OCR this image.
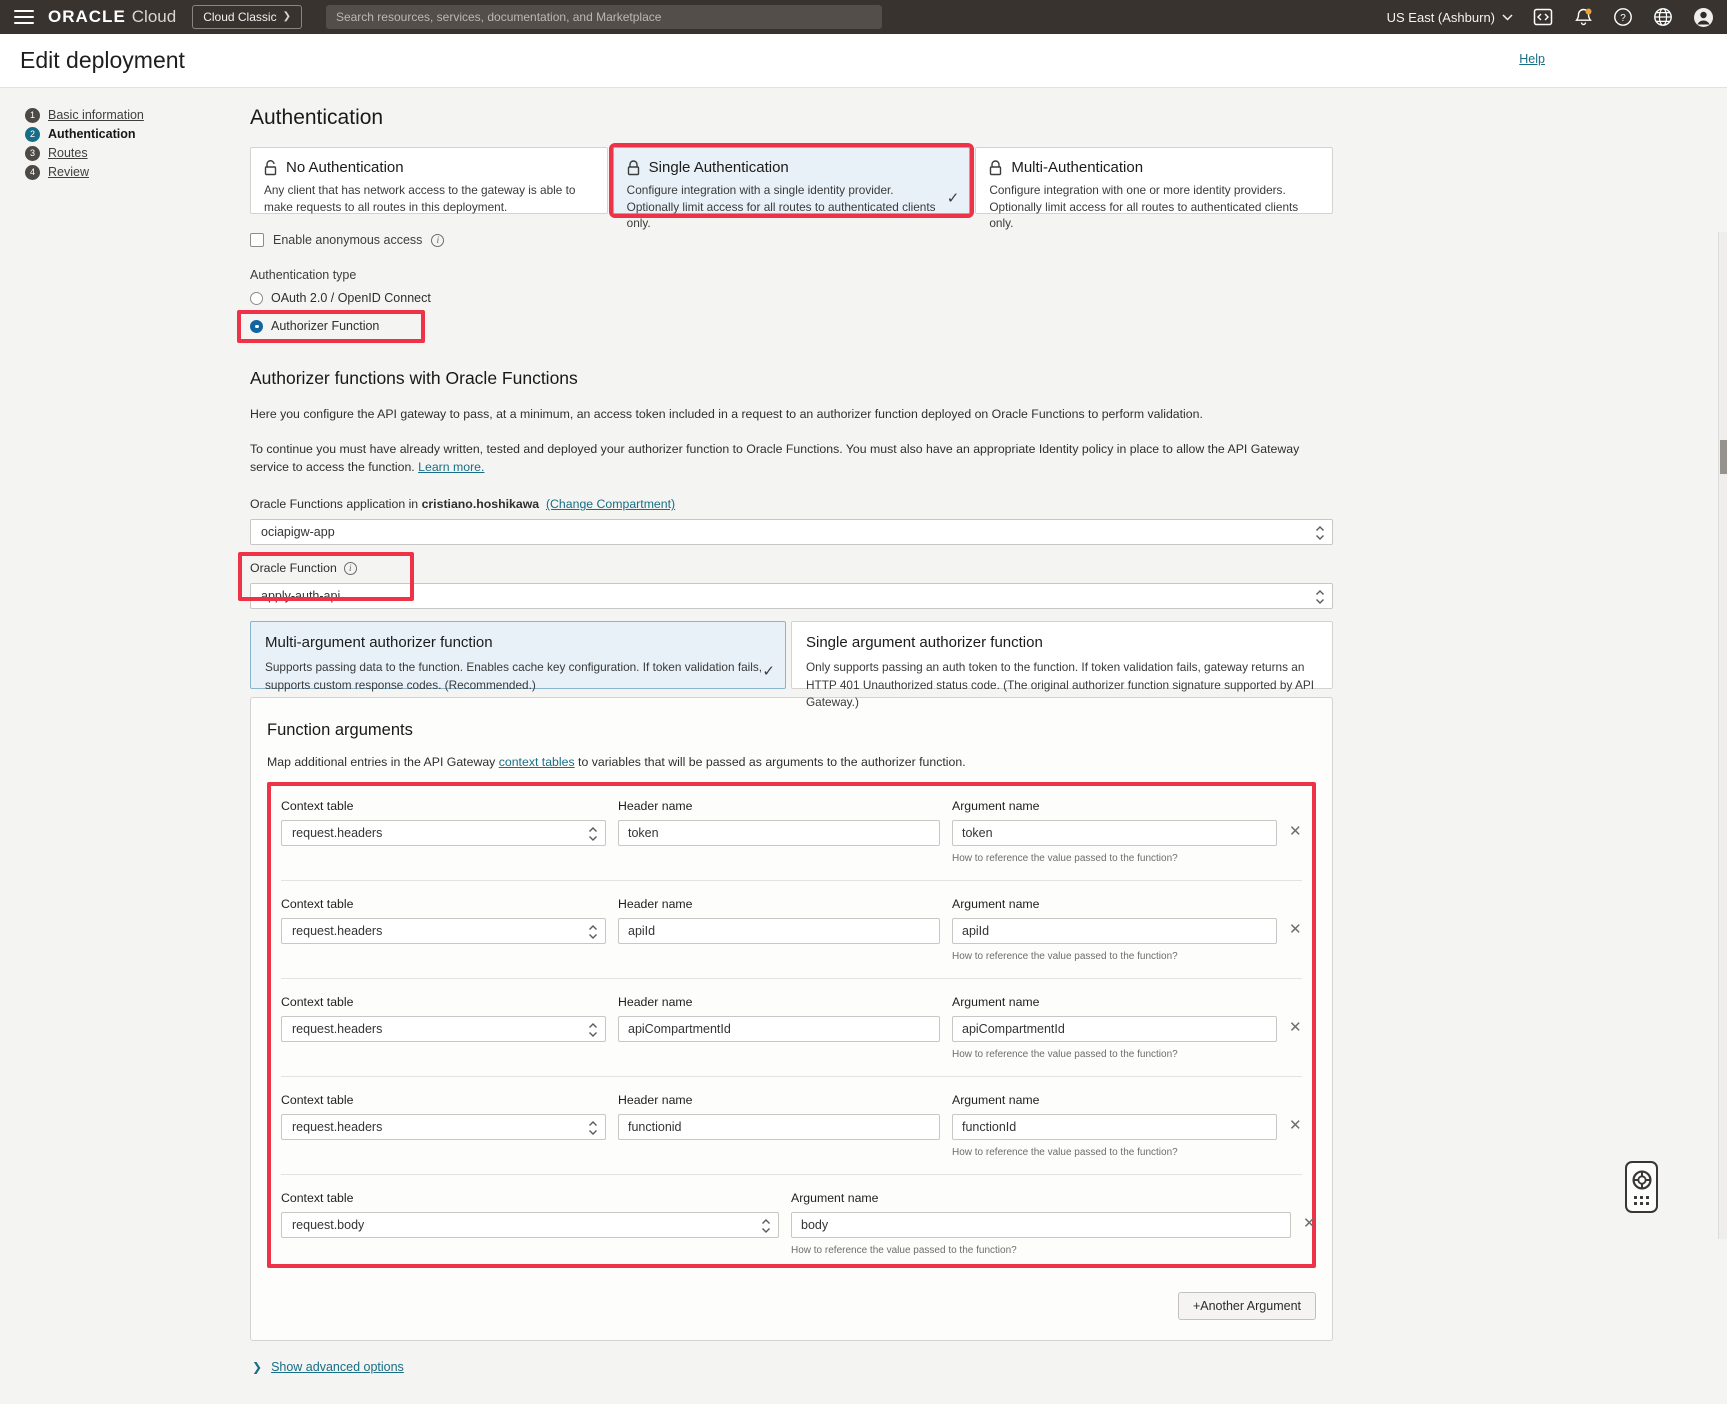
ORACLE Cloud Cloud Classic ❯
Search resources, services, documentation, and Marketplace	US East (Ashburn)	?
Edit deployment	Help
1	Basic information
2	Authentication
3	Routes
4	Review
Authentication
No Authentication
Any client that has network access to the gateway is able to make requests to all routes in this deployment.
Single Authentication
Configure integration with a single identity provider. Optionally limit access for all routes to authenticated clients only.
✓
Multi-Authentication
Configure integration with one or more identity providers. Optionally limit access for all routes to authenticated clients only.
Enable anonymous access	i
Authentication type
OAuth 2.0 / OpenID Connect
Authorizer Function
Authorizer functions with Oracle Functions

Here you configure the API gateway to pass, at a minimum, an access token included in a request to an authorizer function deployed on Oracle Functions to perform validation.

To continue you must have already written, tested and deployed your authorizer function to Oracle Functions. You must also have an appropriate Identity policy in place to allow the API Gateway service to access the function. Learn more.

Oracle Functions application in cristiano.hoshikawa (Change Compartment)
ociapigw-app
Oracle Function	i
apply-auth-api
Multi-argument authorizer function
Supports passing data to the function. Enables cache key configuration. If token validation fails, supports custom response codes. (Recommended.)
✓
Single argument authorizer function
Only supports passing an auth token to the function. If token validation fails, gateway returns an HTTP 401 Unauthorized status code. (The original authorizer function signature supported by API Gateway.)
Function arguments

Map additional entries in the API Gateway context tables to variables that will be passed as arguments to the authorizer function.

Context table
request.headers
Header name
token	Argument name
token
How to reference the value passed to the function?
✕
Context table
request.headers
Header name
apiId	Argument name
apiId
How to reference the value passed to the function?
✕
Context table
request.headers
Header name
apiCompartmentId	Argument name
apiCompartmentId
How to reference the value passed to the function?
✕
Context table
request.headers
Header name
functionid	Argument name
functionId
How to reference the value passed to the function?
✕
Context table
request.body
Argument name
body
How to reference the value passed to the function?
✕
+Another Argument
❯ Show advanced options
